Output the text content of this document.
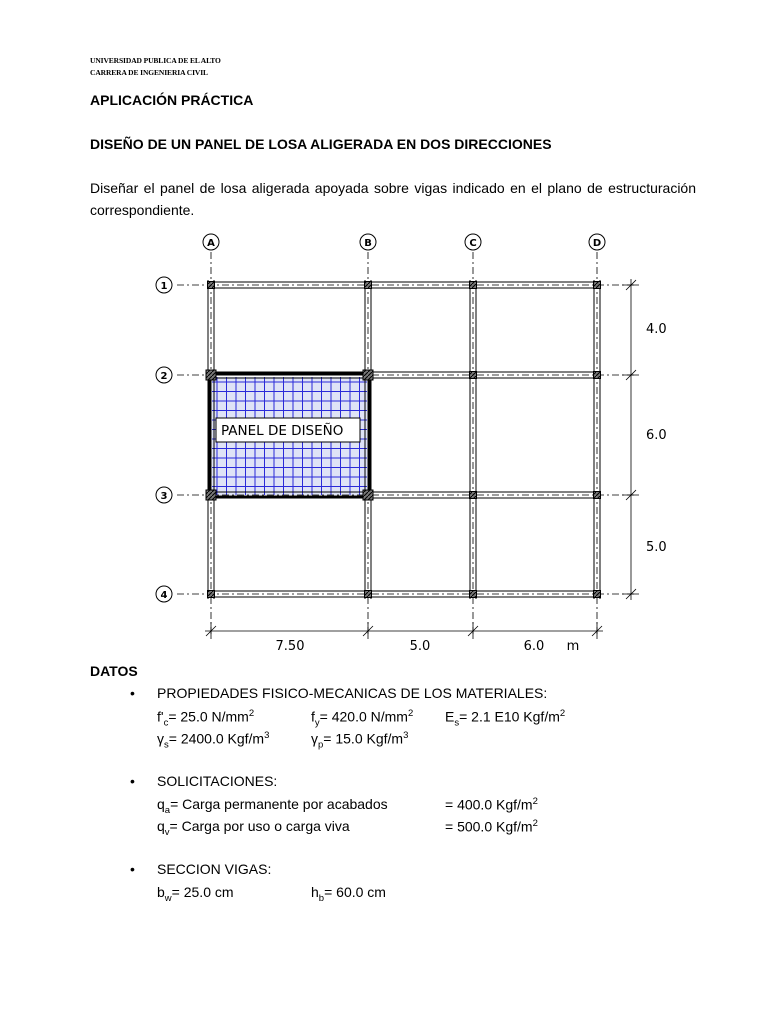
UNIVERSIDAD PUBLICA DE EL ALTO
CARRERA DE INGENIERIA CIVIL
APLICACIÓN PRÁCTICA
DISEÑO DE UN PANEL DE LOSA ALIGERADA EN DOS DIRECCIONES
Diseñar el panel de losa aligerada apoyada sobre vigas indicado en el plano de estructuración correspondiente.
PANEL DE DISEÑO
A	B	C	D
1
2
3
4
7.50	5.0	6.0 m
4.0
6.0
5.0
DATOS
• PROPIEDADES FISICO-MECANICAS DE LOS MATERIALES:
$f'_c= 25.0$ $N/mm^2$	$f_y= 420.0$ $N/mm^2$ $E_s= 2.1$ E10 Kgf/$m^2$
$\gamma_s= 2400.0$ Kgf/$m^3$	$\gamma_p= 15.0$ Kgf/$m^3$
• SOLICITACIONES:
$q_a=$ Carga permanente por acabados	= 400.0 Kgf/$m^2$
$q_v=$ Carga por uso o carga viva	= 500.0 Kgf/$m^2$
• SECCION VIGAS:
$b_w= 25.0$ cm	$h_b= 60.0$ cm
